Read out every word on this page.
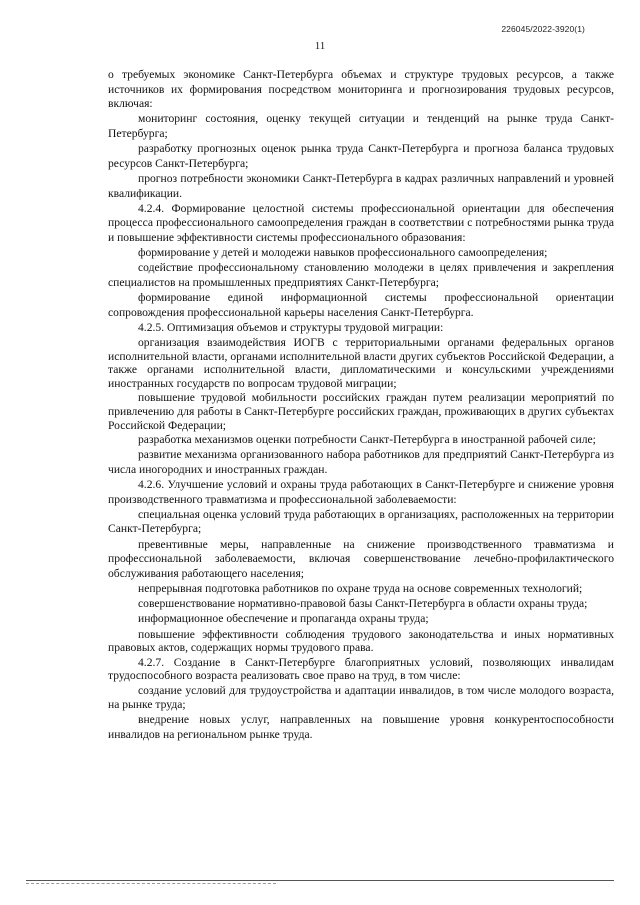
226045/2022-3920(1)
11

о требуемых экономике Санкт-Петербурга объемах и структуре трудовых ресурсов, а также источников их формирования посредством мониторинга и прогнозирования трудовых ресурсов, включая:

мониторинг состояния, оценку текущей ситуации и тенденций на рынке труда Санкт-Петербурга;

разработку прогнозных оценок рынка труда Санкт-Петербурга и прогноза баланса трудовых ресурсов Санкт-Петербурга;

прогноз потребности экономики Санкт-Петербурга в кадрах различных направлений и уровней квалификации.

4.2.4. Формирование целостной системы профессиональной ориентации для обеспечения процесса профессионального самоопределения граждан в соответствии с потребностями рынка труда и повышение эффективности системы профессионального образования:

формирование у детей и молодежи навыков профессионального самоопределения;

содействие профессиональному становлению молодежи в целях привлечения и закрепления специалистов на промышленных предприятиях Санкт-Петербурга;

формирование единой информационной системы профессиональной ориентации сопровождения профессиональной карьеры населения Санкт-Петербурга.

4.2.5. Оптимизация объемов и структуры трудовой миграции:

организация взаимодействия ИОГВ с территориальными органами федеральных органов исполнительной власти, органами исполнительной власти других субъектов Российской Федерации, а также органами исполнительной власти, дипломатическими и консульскими учреждениями иностранных государств по вопросам трудовой миграции;

повышение трудовой мобильности российских граждан путем реализации мероприятий по привлечению для работы в Санкт-Петербурге российских граждан, проживающих в других субъектах Российской Федерации;

разработка механизмов оценки потребности Санкт-Петербурга в иностранной рабочей силе;

развитие механизма организованного набора работников для предприятий Санкт-Петербурга из числа иногородних и иностранных граждан.

4.2.6. Улучшение условий и охраны труда работающих в Санкт-Петербурге и снижение уровня производственного травматизма и профессиональной заболеваемости:

специальная оценка условий труда работающих в организациях, расположенных на территории Санкт-Петербурга;

превентивные меры, направленные на снижение производственного травматизма и профессиональной заболеваемости, включая совершенствование лечебно-профилактического обслуживания работающего населения;

непрерывная подготовка работников по охране труда на основе современных технологий;

совершенствование нормативно-правовой базы Санкт-Петербурга в области охраны труда;

информационное обеспечение и пропаганда охраны труда;

повышение эффективности соблюдения трудового законодательства и иных нормативных правовых актов, содержащих нормы трудового права.

4.2.7. Создание в Санкт-Петербурге благоприятных условий, позволяющих инвалидам трудоспособного возраста реализовать свое право на труд, в том числе:

создание условий для трудоустройства и адаптации инвалидов, в том числе молодого возраста, на рынке труда;

внедрение новых услуг, направленных на повышение уровня конкурентоспособности инвалидов на региональном рынке труда.
